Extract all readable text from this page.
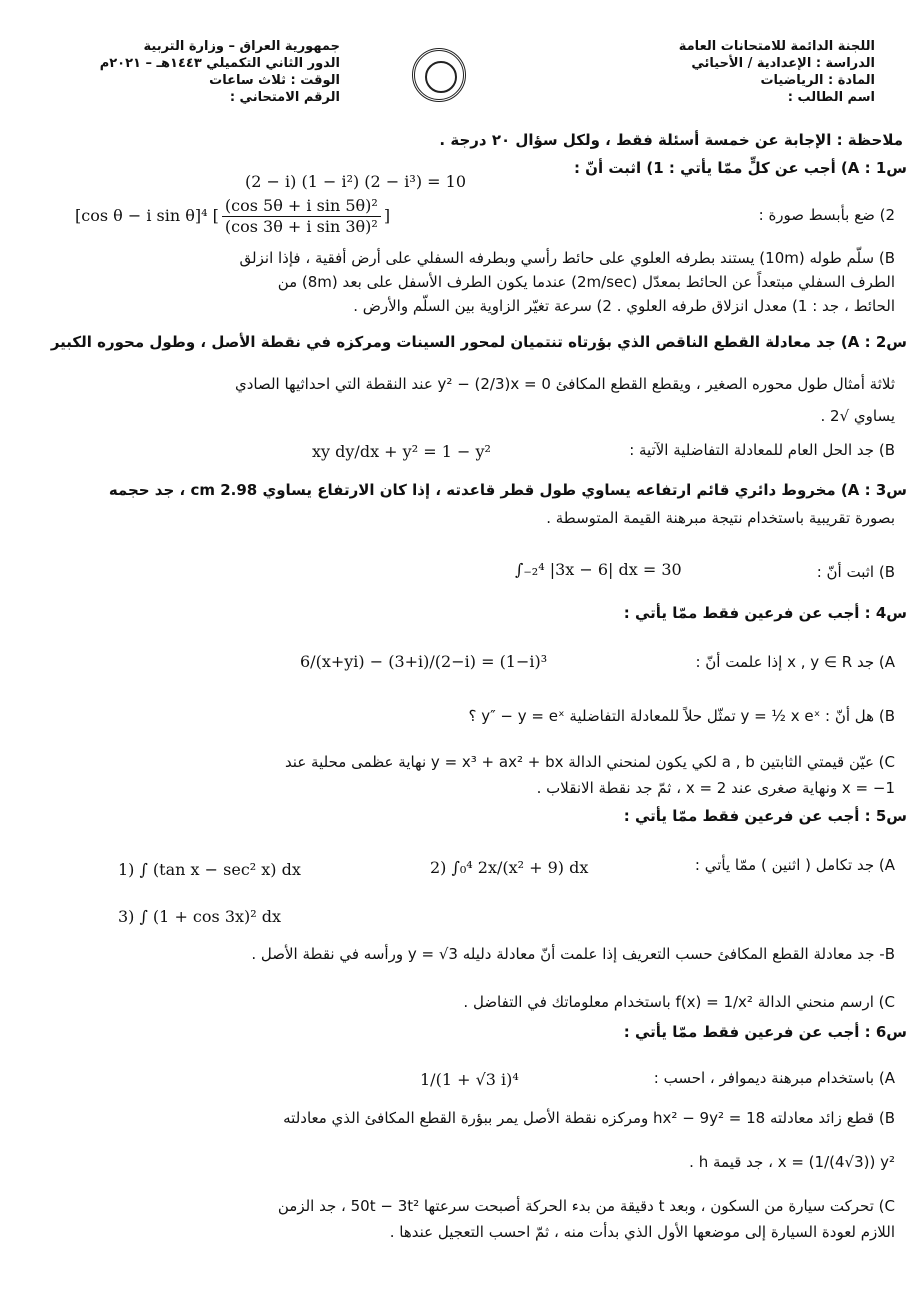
اللجنة الدائمة للامتحانات العامة
الدراسة : الإعدادية / الأحيائي
المادة : الرياضيات
اسم الطالب :
جمهورية العراق – وزارة التربية
الدور الثاني التكميلي ١٤٤٣هـ – ٢٠٢١م
الوقت : ثلاث ساعات
الرقم الامتحاني :
ملاحظة : الإجابة عن خمسة أسئلة فقط ، ولكل سؤال ٢٠ درجة .
س1 : A) أجب عن كلٍّ ممّا يأتي : 1) اثبت أنّ :
(2 − i) (1 − i²) (2 − i³) = 10
2) ضع بأبسط صورة :
[cos θ − i sin θ]⁴ [ $\frac{\text{(cos 5θ + i sin 5θ)²}}{\text{(cos 3θ + i sin 3θ)²}}$ ]
B) سلّم طوله (10m) يستند بطرفه العلوي على حائط رأسي وبطرفه السفلي على أرض أفقية ، فإذا انزلق
الطرف السفلي مبتعداً عن الحائط بمعدّل (2m/sec) عندما يكون الطرف الأسفل على بعد (8m) من
الحائط ، جد : 1) معدل انزلاق طرفه العلوي . 2) سرعة تغيّر الزاوية بين السلّم والأرض .
س2 : A) جد معادلة القطع الناقص الذي بؤرتاه تنتميان لمحور السينات ومركزه في نقطة الأصل ، وطول محوره الكبير
ثلاثة أمثال طول محوره الصغير ، ويقطع القطع المكافئ y² − (2/3)x = 0 عند النقطة التي احداثيها الصادي
يساوي √2 .
B) جد الحل العام للمعادلة التفاضلية الآتية :
xy dy/dx + y² = 1 − y²
س3 : A) مخروط دائري قائم ارتفاعه يساوي طول قطر قاعدته ، إذا كان الارتفاع يساوي 2.98 cm ، جد حجمه
بصورة تقريبية باستخدام نتيجة مبرهنة القيمة المتوسطة .
B) اثبت أنّ :
∫₋₂⁴ |3x − 6| dx = 30
س4 : أجب عن فرعين فقط ممّا يأتي :
A) جد x , y ∈ R إذا علمت أنّ :
6/(x+yi) − (3+i)/(2−i) = (1−i)³
B) هل أنّ : y = ½ x eˣ تمثّل حلاً للمعادلة التفاضلية y″ − y = eˣ ؟
C) عيّن قيمتي الثابتين a , b لكي يكون لمنحني الدالة y = x³ + ax² + bx نهاية عظمى محلية عند
x = −1 ونهاية صغرى عند x = 2 ، ثمّ جد نقطة الانقلاب .
س5 : أجب عن فرعين فقط ممّا يأتي :
A) جد تكامل ( اثنين ) ممّا يأتي :
2) ∫₀⁴ 2x/(x² + 9) dx
1) ∫ (tan x − sec² x) dx
3) ∫ (1 + cos 3x)² dx
B- جد معادلة القطع المكافئ حسب التعريف إذا علمت أنّ معادلة دليله y = √3 ورأسه في نقطة الأصل .
C) ارسم منحني الدالة f(x) = 1/x² باستخدام معلوماتك في التفاضل .
س6 : أجب عن فرعين فقط ممّا يأتي :
A) باستخدام مبرهنة ديموافر ، احسب :
1/(1 + √3 i)⁴
B) قطع زائد معادلته hx² − 9y² = 18 ومركزه نقطة الأصل يمر ببؤرة القطع المكافئ الذي معادلته
x = (1/(4√3)) y² ، جد قيمة h .
C) تحركت سيارة من السكون ، وبعد t دقيقة من بدء الحركة أصبحت سرعتها 50t − 3t² ، جد الزمن
اللازم لعودة السيارة إلى موضعها الأول الذي بدأت منه ، ثمّ احسب التعجيل عندها .
